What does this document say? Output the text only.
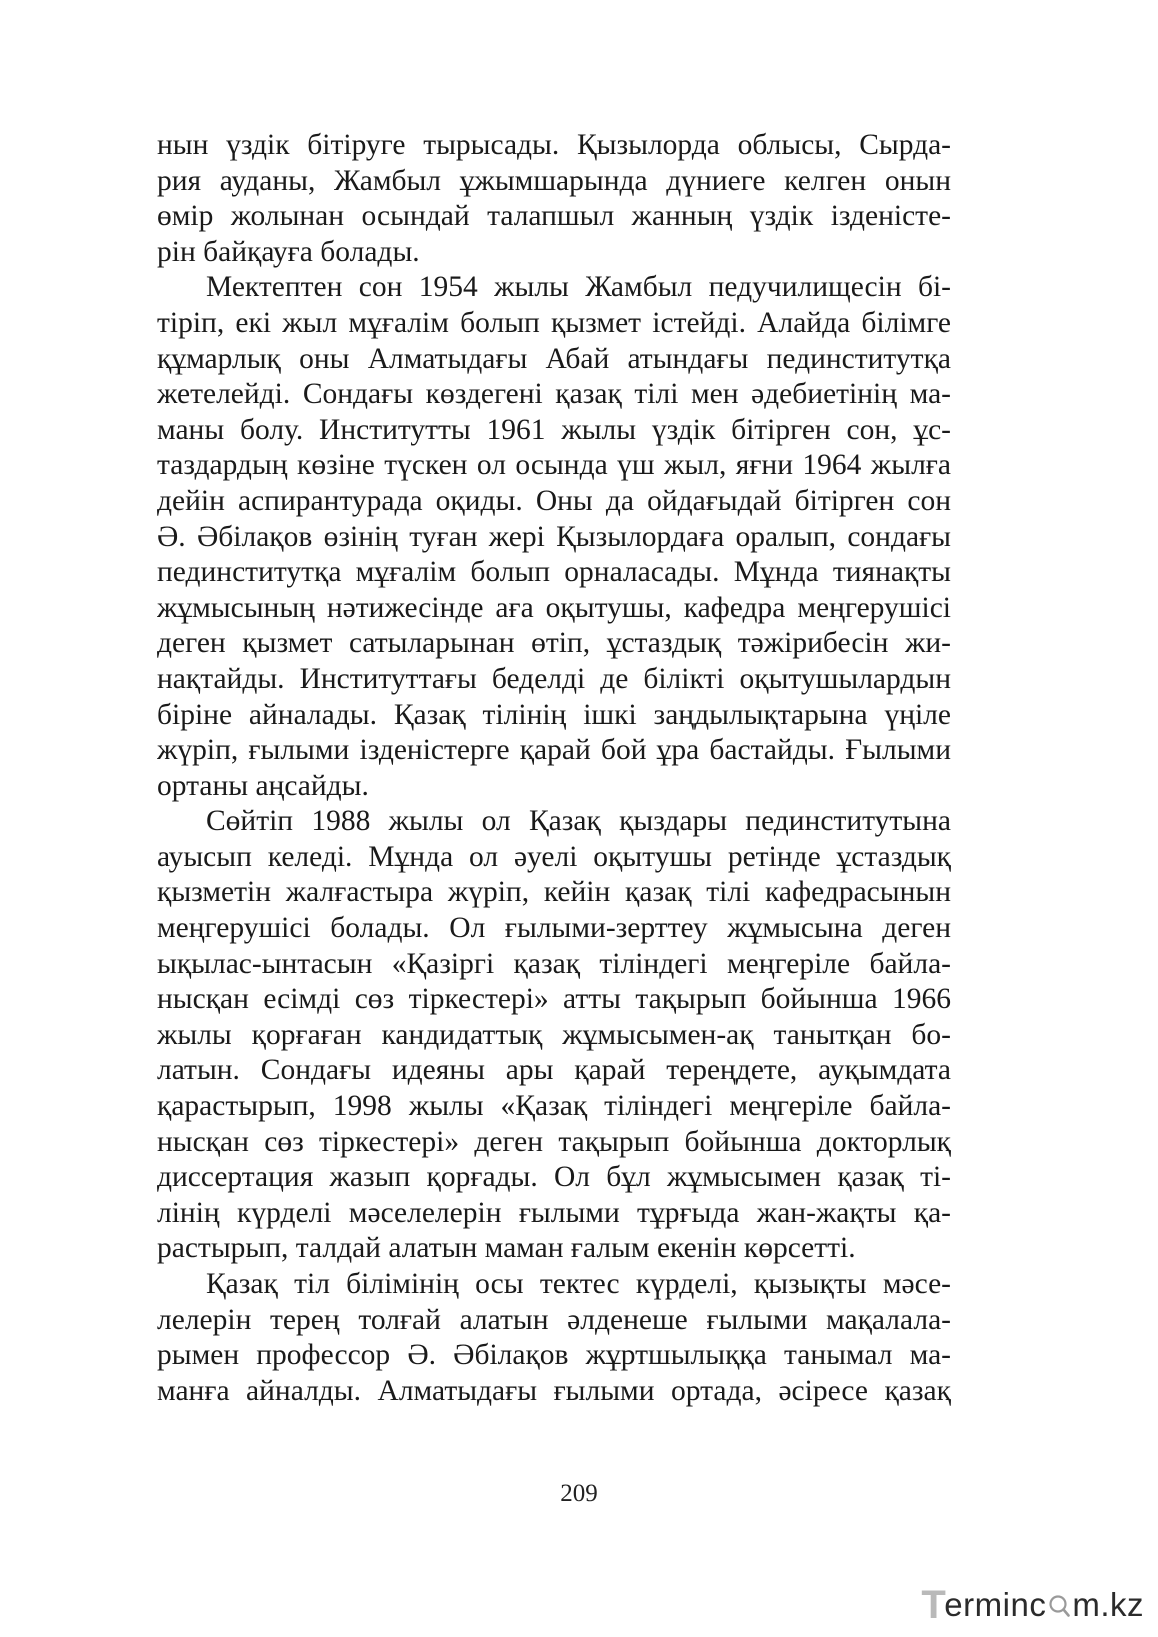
нын үздік бітіруге тырысады. Қызылорда облысы, Сырда-
рия ауданы, Жамбыл ұжымшарында дүниеге келген онын
өмір жолынан осындай талапшыл жанның үздік ізденісте-
рін байқауға болады.
Мектептен сон 1954 жылы Жамбыл педучилищесін бі-
тіріп, екі жыл мұғалім болып қызмет істейді. Алайда білімге
құмарлық оны Алматыдағы Абай атындағы пединститутқа
жетелейді. Сондағы көздегені қазақ тілі мен әдебиетінің ма-
маны болу. Институтты 1961 жылы үздік бітірген сон, ұс-
таздардың көзіне түскен ол осында үш жыл, яғни 1964 жылға
дейін аспирантурада оқиды. Оны да ойдағыдай бітірген сон
Ә. Әбілақов өзінің туған жері Қызылордаға оралып, сондағы
пединститутқа мұғалім болып орналасады. Мұнда тиянақты
жұмысының нәтижесінде аға оқытушы, кафедра меңгерушісі
деген қызмет сатыларынан өтіп, ұстаздық тәжірибесін жи-
нақтайды. Институттағы беделді де білікті оқытушылардын
біріне айналады. Қазақ тілінің ішкі заңдылықтарына үңіле
жүріп, ғылыми ізденістерге қарай бой ұра бастайды. Ғылыми
ортаны аңсайды.
Сөйтіп 1988 жылы ол Қазақ қыздары пединститутына
ауысып келеді. Мұнда ол әуелі оқытушы ретінде ұстаздық
қызметін жалғастыра жүріп, кейін қазақ тілі кафедрасынын
меңгерушісі болады. Ол ғылыми-зерттеу жұмысына деген
ықылас-ынтасын «Қазіргі қазақ тіліндегі меңгеріле байла-
нысқан есімді сөз тіркестері» атты тақырып бойынша 1966
жылы қорғаған кандидаттық жұмысымен-ақ танытқан бо-
латын. Сондағы идеяны ары қарай тереңдете, ауқымдата
қарастырып, 1998 жылы «Қазақ тіліндегі меңгеріле байла-
нысқан сөз тіркестері» деген тақырып бойынша докторлық
диссертация жазып қорғады. Ол бұл жұмысымен қазақ ті-
лінің күрделі мәселелерін ғылыми тұрғыда жан-жақты қа-
растырып, талдай алатын маман ғалым екенін көрсетті.
Қазақ тіл білімінің осы тектес күрделі, қызықты мәсе-
лелерін терең толғай алатын әлденеше ғылыми мақалала-
рымен профессор Ә. Әбілақов жұртшылыққа танымал ма-
манға айналды. Алматыдағы ғылыми ортада, әсіресе қазақ
209
T
erminc m.kz
